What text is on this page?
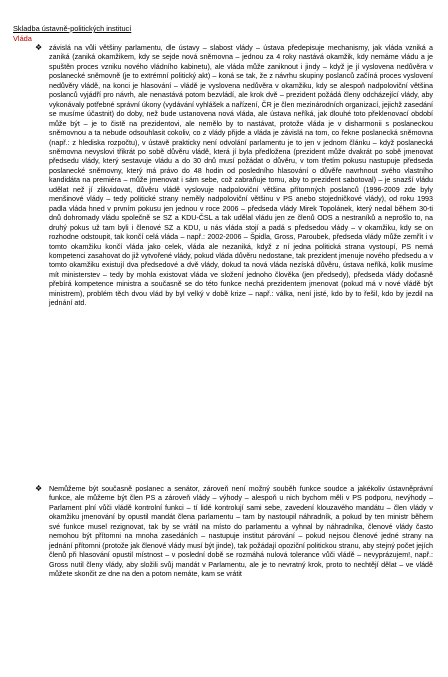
Skladba ústavně-politických institucí
Vláda
❖ závislá na vůli většiny parlamentu, dle ústavy – slabost vlády – ústava předepisuje mechanismy, jak vláda vzniká a zaniká (zaniká okamžikem, kdy se sejde nová sněmovna – jednou za 4 roky nastává okamžik, kdy nemáme vládu a je spuštěn proces vzniku nového vládního kabinetu), ale vláda může zaniknout i jindy – když je jí vyslovena nedůvěra v poslanecké sněmovně (je to extrémní politický akt) – koná se tak, že z návrhu skupiny poslanců začíná proces vyslovení nedůvěry vládě, na konci je hlasování – vládě je vyslovena nedůvěra v okamžiku, kdy se alespoň nadpoloviční většina poslanců vyjádří pro návrh, ale nenastává potom bezvládí, ale krok dvě – prezident požádá členy odcházející vlády, aby vykonávaly potřebné správní úkony (vydávání vyhlášek a nařízení, ČR je člen mezinárodních organizací, jejichž zasedání se musíme účastnit) do doby, než bude ustanovena nová vláda, ale ústava neříká, jak dlouhé toto překlenovací období může být – je to čistě na prezidentovi, ale nemělo by to nastávat, protože vláda je v disharmonii s poslaneckou sněmovnou a ta nebude odsouhlasit cokoliv, co z vlády přijde a vláda je závislá na tom, co řekne poslanecká sněmovna (např.: z hlediska rozpočtu), v ústavě prakticky není odvolání parlamentu je to jen v jednom článku – když poslanecká sněmovna nevyslovi třikrát po sobě důvěru vládě, která jí byla předložena (prezident může dvakrát po sobě jmenovat předsedu vlády, který sestavuje vládu a do 30 dnů musí požádat o důvěru, v tom třetím pokusu nastupuje předseda poslanecké sněmovny, který má právo do 48 hodin od posledního hlasování o důvěře navrhnout svého vlastního kandidáta na premiéra – může jmenovat i sám sebe, což zabraňuje tomu, aby to prezident sabotoval) – je snazší vládu udělat než jí zlikvidovat, důvěru vládě vyslovuje nadpoloviční většina přítomných poslanců (1996-2009 zde byly menšinové vlády – tedy politické strany neměly nadpoloviční většinu v PS anebo stojedničkové vlády), od roku 1993 padla vláda hned v prvním pokusu jen jednou v roce 2006 – předseda vlády Mirek Topolánek, který nedal během 30-ti dnů dohromady vládu společně se SZ a KDU-ČSL a tak udělal vládu jen ze členů ODS a nestraníků a neprošlo to, na druhý pokus už tam byli i členové SZ a KDU, u nás vláda stojí a padá s předsedou vlády – v okamžiku, kdy se on rozhodne odstoupit, tak končí celá vláda – např.: 2002-2006 – Špidla, Gross, Paroubek, předseda vlády může zemřít i v tomto okamžiku končí vláda jako celek, vláda ale nezaniká, když z ní jedna politická strana vystoupí, PS nemá kompetenci zasahovat do již vytvořené vlády, pokud vláda důvěru nedostane, tak prezident jmenuje nového předsedu a v tomto okamžiku existují dva předsedové a dvě vlády, dokud ta nová vláda nezíská důvěru, ústava neříká, kolik musíme mít ministerstev – tedy by mohla existovat vláda ve složení jednoho člověka (jen předsedy), předseda vlády dočasně přebírá kompetence ministra a současně se do této funkce nechá prezidentem jmenovat (pokud má v nové vládě být ministrem), problém těch dvou vlád by byl velký v době krize – např.: válka, není jisté, kdo by to řešil, kdo by jezdil na jednání atd.
❖ Nemůžeme být současně poslanec a senátor, zároveň není možný souběh funkce soudce a jakékoliv ústavněprávní funkce, ale můžeme být člen PS a zároveň vlády – výhody – alespoň u nich bychom měli v PS podporu, nevýhody – Parlament plní vůči vládě kontrolní funkci – tí lidé kontrolují sami sebe, zavedení klouzavého mandátu – člen vlády v okamžiku jmenování by opustil mandát člena parlamentu – tam by nastoupil náhradník, a pokud by ten ministr během své funkce musel rezignovat, tak by se vrátil na místo do parlamentu a vyhnal by náhradníka, členové vlády často nemohou být přítomni na mnoha zasedáních – nastupuje institut párování – pokud nejsou členové jedné strany na jednání přítomni (protože jak členové vlády musí být jinde), tak požádají opoziční politickou stranu, aby stejný počet jejích členů při hlasování opustil místnost – v poslední době se rozmáhá nulová tolerance vůči vládě – nevyprázujem!, např.: Gross nutil členy vlády, aby složili svůj mandát v Parlamentu, ale je to nevratný krok, proto to nechtějí dělat – ve vládě můžete skončit ze dne na den a potom nemáte, kam se vrátit
